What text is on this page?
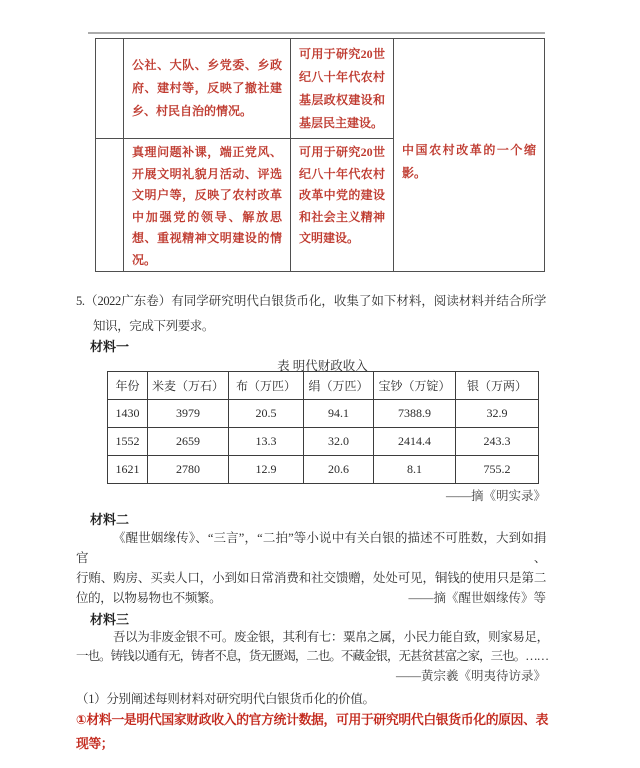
	公社、大队、乡党委、乡政府、建村等，反映了撤社建乡、村民自治的情况。	可用于研究20世纪八十年代农村基层政权建设和基层民主建设。	中国农村改革的一个缩影。
	真理问题补课，端正党风、开展文明礼貌月活动、评选文明户等，反映了农村改革中加强党的领导、解放思想、重视精神文明建设的情况。	可用于研究20世纪八十年代农村改革中党的建设和社会主义精神文明建设。	
5.（2022广东卷）有同学研究明代白银货币化，收集了如下材料，阅读材料并结合所学
知识，完成下列要求。
材料一
表 明代财政收入
年份	米麦（万石）	布（万匹）	绢（万匹）	宝钞（万锭）	银（万两）
1430	3979	20.5	94.1	7388.9	32.9
1552	2659	13.3	32.0	2414.4	243.3
1621	2780	12.9	20.6	8.1	755.2
——摘《明实录》
材料二
《醒世姻缘传》、“三言”，“二拍”等小说中有关白银的描述不可胜数，大到如捐官、
行贿、购房、买卖人口，小到如日常消费和社交馈赠，处处可见，铜钱的使用只是第二
位的，以物易物也不频繁。	——摘《醒世姻缘传》等
材料三
吾以为非废金银不可。废金银，其利有七：粟帛之属，小民力能自致，则家易足，
一也。铸钱以通有无，铸者不息，货无匮竭，二也。不藏金银，无甚贫甚富之家，三也。……
——黄宗羲《明夷待访录》
（1）分别阐述每则材料对研究明代白银货币化的价值。
①材料一是明代国家财政收入的官方统计数据，可用于研究明代白银货币化的原因、表
现等；
